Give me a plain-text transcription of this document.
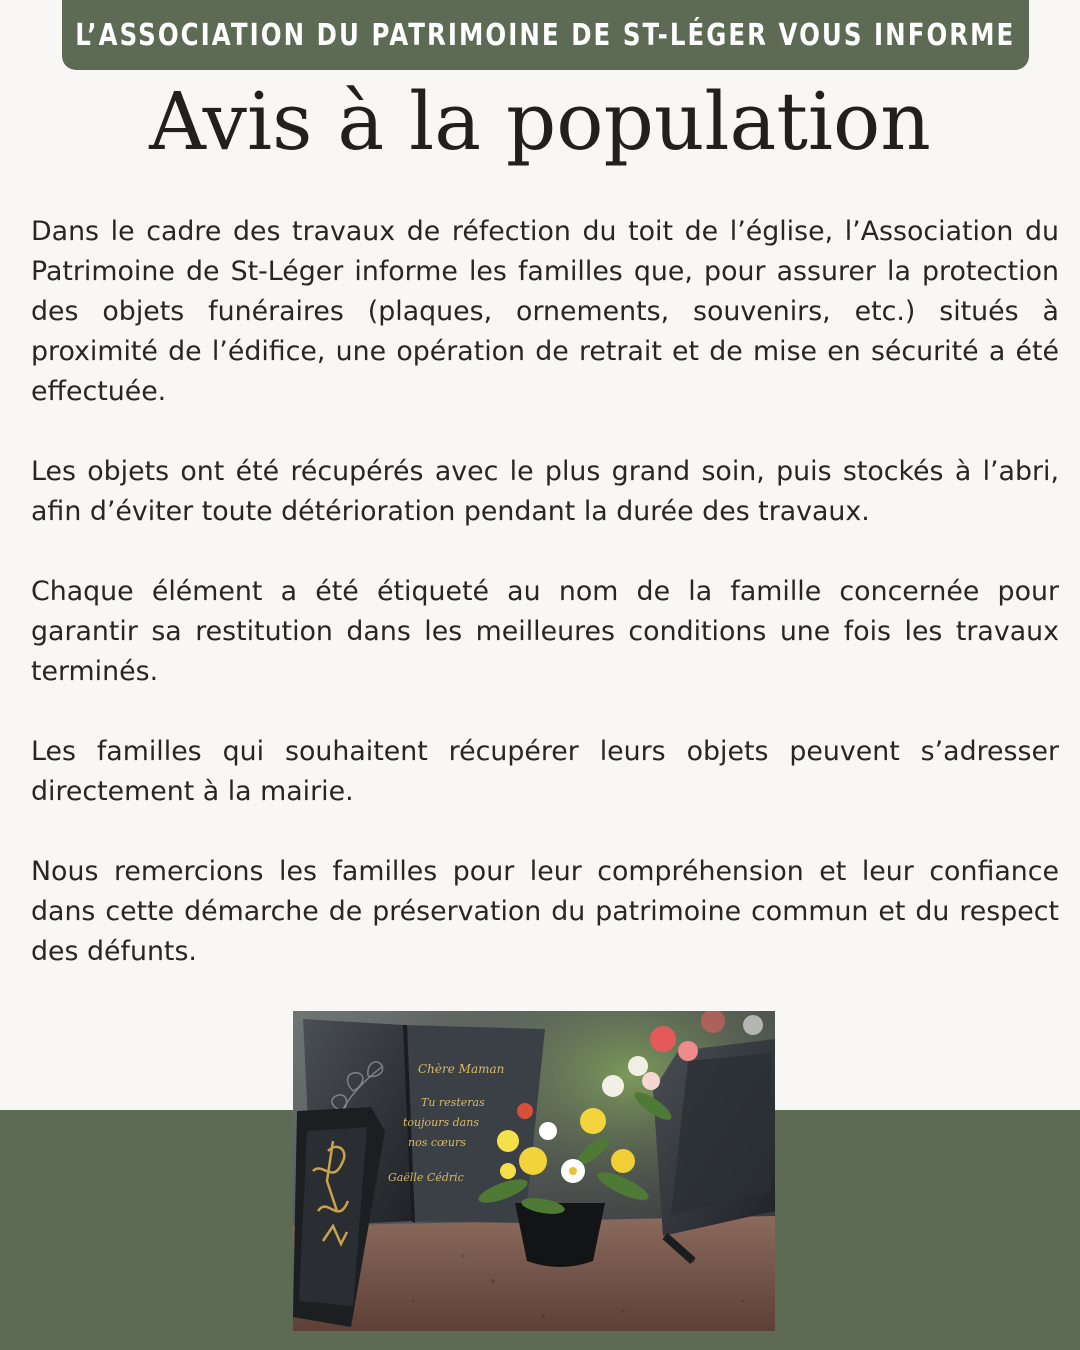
L’ASSOCIATION DU PATRIMOINE DE ST-LÉGER VOUS INFORME
Avis à la population

Dans le cadre des travaux de réfection du toit de l’église, l’Association du Patrimoine de St-Léger informe les familles que, pour assurer la protection des objets funéraires (plaques, ornements, souvenirs, etc.) situés à proximité de l’édifice, une opération de retrait et de mise en sécurité a été effectuée.

Les objets ont été récupérés avec le plus grand soin, puis stockés à l’abri, afin d’éviter toute détérioration pendant la durée des travaux.

Chaque élément a été étiqueté au nom de la famille concernée pour garantir sa restitution dans les meilleures conditions une fois les travaux terminés.

Les familles qui souhaitent récupérer leurs objets peuvent s’adresser directement à la mairie.

Nous remercions les familles pour leur compréhension et leur confiance dans cette démarche de préservation du patrimoine commun et du respect des défunts.

Chère Maman
Tu resteras
toujours dans
nos cœurs
Gaëlle Cédric
